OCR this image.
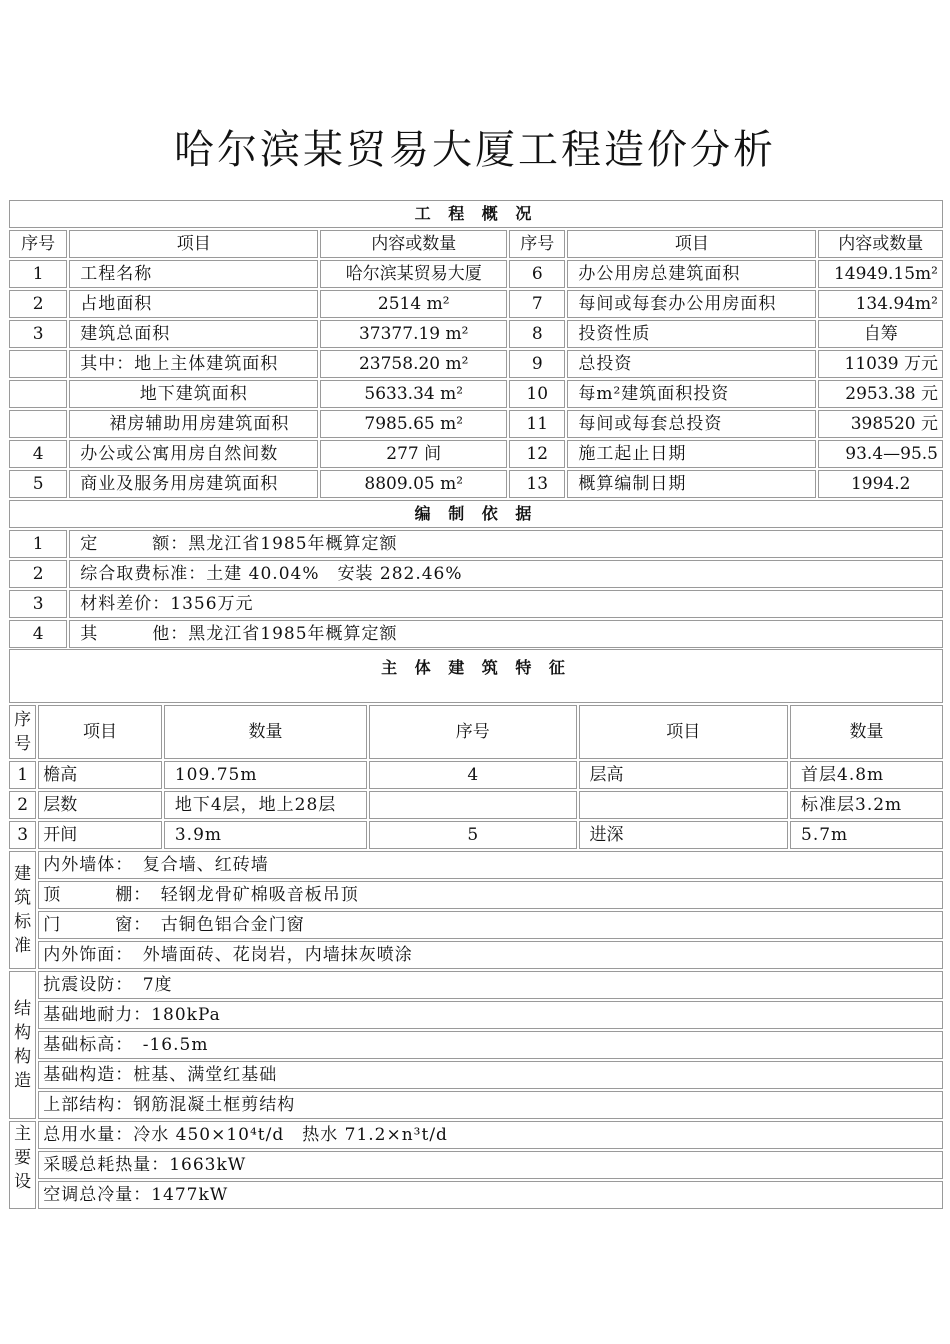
哈尔滨某贸易大厦工程造价分析
工 程 概 况					
序号	项目	内容或数量	序号	项目	内容或数量
1	工程名称	哈尔滨某贸易大厦	6	办公用房总建筑面积	14949.15m²
2	占地面积	2514 m²	7	每间或每套办公用房面积	134.94m²
3	建筑总面积	37377.19 m²	8	投资性质	自筹
	其中：地上主体建筑面积	23758.20 m²	9	总投资	11039 万元
	地下建筑面积	5633.34 m²	10	每m²建筑面积投资	2953.38 元
	裙房辅助用房建筑面积	7985.65 m²	11	每间或每套总投资	398520 元
4	办公或公寓用房自然间数	277 间	12	施工起止日期	93.4—95.5
5	商业及服务用房建筑面积	8809.05 m²	13	概算编制日期	1994.2
编 制 依 据					
1	定　　　额：黑龙江省1985年概算定额				
2	综合取费标准：土建 40.04%　安装 282.46%				
3	材料差价：1356万元				
4	其　　　他：黑龙江省1985年概算定额				
主 体 建 筑 特 征					
序号	项目	数量	序号	项目	数量
1	檐高	109.75m	4	层高	首层4.8m
2	层数	地下4层，地上28层			标准层3.2m
3	开间	3.9m	5	进深	5.7m
建筑标准	内外墙体：　复合墙、红砖墙				
	顶　　　棚：　轻钢龙骨矿棉吸音板吊顶				
	门　　　窗：　古铜色铝合金门窗				
	内外饰面：　外墙面砖、花岗岩，内墙抹灰喷涂				
结构构造	抗震设防：　7度				
	基础地耐力：180kPa				
	基础标高：　-16.5m				
	基础构造：桩基、满堂红基础				
	上部结构：钢筋混凝土框剪结构				
主要设	总用水量：冷水 450×10⁴t/d　热水 71.2×n³t/d				
	采暖总耗热量：1663kW				
	空调总冷量：1477kW				
